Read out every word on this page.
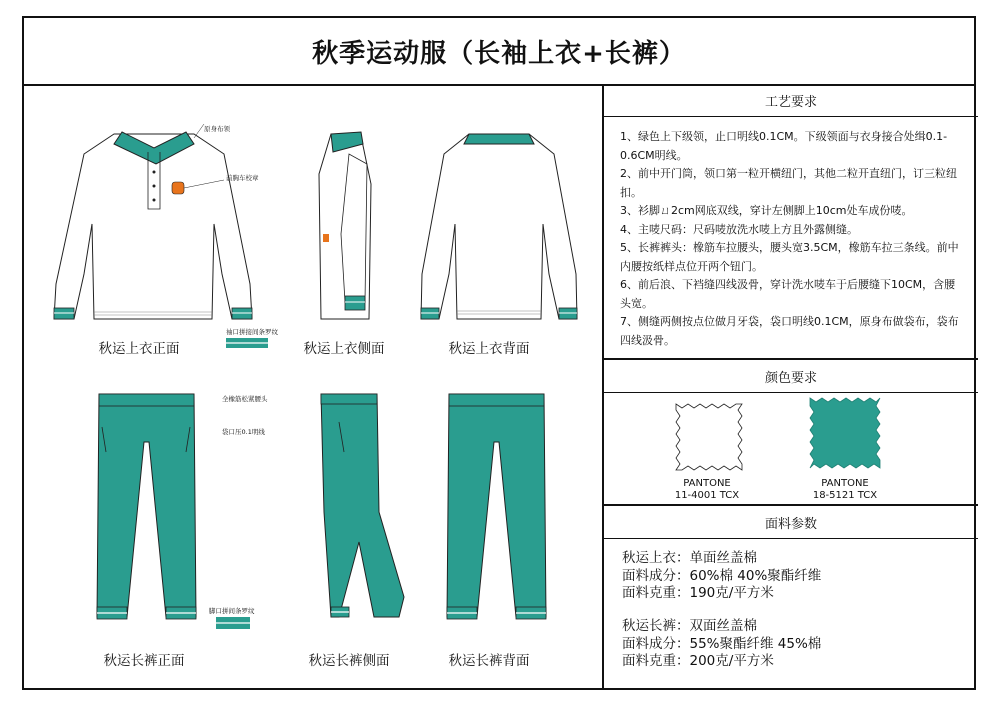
秋季运动服（长袖上衣+长裤）
原身布领
前胸车校章
袖口拼接间条罗纹
秋运上衣正面	秋运上衣侧面	秋运上衣背面
全橡筋松紧腰头
袋口压0.1明线
脚口拼间条罗纹
秋运长裤正面	秋运长裤侧面	秋运长裤背面
工艺要求
1、绿色上下级领，止口明线0.1CM。下级领面与衣身接合处缉0.1-0.6CM明线。
2、前中开门筒，领口第一粒开横纽门，其他二粒开直纽门，订三粒纽扣。
3、衫脚ㄩ2cm网底双线，穿计左侧脚上10cm处车成份唛。
4、主唛尺码：尺码唛放洗水唛上方且外露侧缝。
5、长裤裤头：橡筋车拉腰头，腰头宽3.5CM，橡筋车拉三条线。前中内腰按纸样点位开两个钮门。
6、前后浪、下裆缝四线汲骨，穿计洗水唛车于后腰缝下10CM，含腰头宽。
7、侧缝两侧按点位做月牙袋，袋口明线0.1CM，原身布做袋布，袋布四线汲骨。
颜色要求
PANTONE
11-4001 TCX
PANTONE
18-5121 TCX
面料参数
秋运上衣：单面丝盖棉
面料成分：60%棉 40%聚酯纤维
面料克重：190克/平方米
秋运长裤：双面丝盖棉
面料成分：55%聚酯纤维 45%棉
面料克重：200克/平方米
